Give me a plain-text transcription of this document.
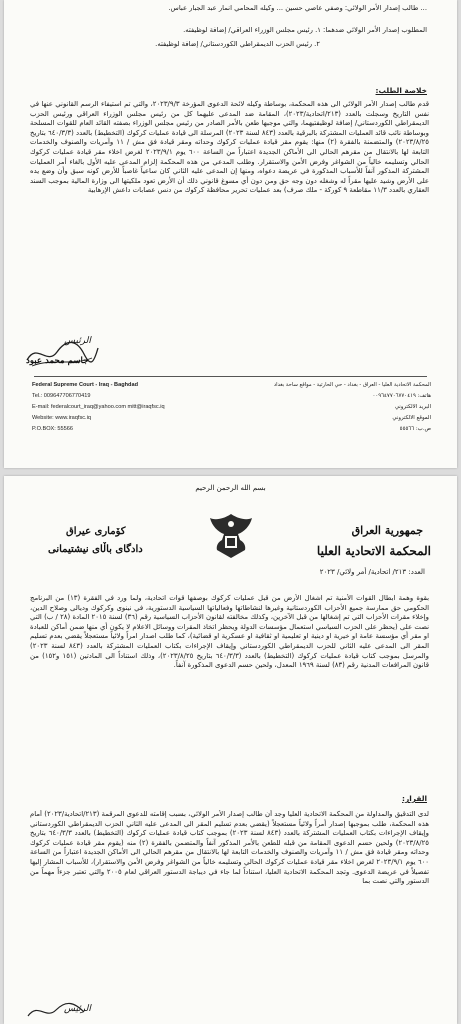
... طالب إصدار الأمر الولائي: وصفي عاصي حسين ... وكيله المحامي انمار عبد الجبار عباس.
المطلوب إصدار الأمر الولائي ضدهما: ١. رئيس مجلس الوزراء العراقي/ إضافة لوظيفته.
٢. رئيس الحزب الديمقراطي الكوردستاني/ إضافة لوظيفته.
خلاصة الطلب:
قدم طالب إصدار الأمر الولائي الى هذه المحكمة، بوساطة وكيله لائحة الدعوى المؤرخة ٢٠٢٣/٩/٣، والتي تم استيفاء الرسم القانوني عنها في نفس التاريخ وسجلت بالعدد (٢١٣/اتحادية/٢٠٢٣)، المقامة ضد المدعى عليهما كل من رئيس مجلس الوزراء العراقي ورئيس الحزب الديمقراطي الكوردستاني/ إضافة لوظيفتيهما، والتي موجبها طعن بالأمر الصادر من رئيس مجلس الوزراء بصفته القائد العام للقوات المسلحة وبوساطة نائب قائد العمليات المشتركة بالبرقية بالعدد (٨٤٣ لسنة ٢٠٢٣) المرسلة الى قيادة عمليات كركوك (التخطيط) بالعدد (٦٤٠/٣/٣ بتاريخ ٢٠٢٣/٨/٢٥) والمتضمنة بالفقرة (٢) منها: يقوم مقر قيادة عمليات كركوك وحداته ومقر قيادة فق مش / ١١ وآمريات والصنوف والخدمات التابعة لها بالانتقال من مقرهم الحالي الى الأماكن الجديدة اعتباراً من الساعة ٦٠٠ يوم ٢٠٢٣/٩/١ لغرض اخلاء مقر قيادة عمليات كركوك الحالي وتسليمه خالياً من الشواغر وفرض الأمن والاستقرار. وطلب المدعي من هذه المحكمة إلزام المدعى عليه الأول بالغاء أمر العمليات المشتركة المذكور آنفاً للأسباب المذكورة في عريضة دعواه، ومنها إن المدعى عليه الثاني كان ساعياً غاصباً للأرض كونه سبق وأن وضع يده على الأرض وشيد عليها مقراً له وشغله دون وجه حق ومن دون أي مسوغ قانوني ذلك أن الأرض تعود ملكيتها الى وزارة المالية بموجب السند العقاري بالعدد ١١/٣ مقاطعة ٩ كوركة - ملك صرف) بعد عمليات تحرير محافظة كركوك من دنس عصابات داعش الإرهابية
الرئيس
جاسم محمد عبود
Federal Supreme Court - Iraq - Baghdad
Tel.: 009647706770419
E-mail: federalcourt_iraq@yahoo.com mitt@iraqfsc.iq
Website: www.iraqfsc.iq
P.O.BOX: 55566
المحكمة الاتحادية العليا - العراق - بغداد - حي الحارثية - مواقع ساحة بغداد
هاتف: ٠٠٩٦٤٧٧٠٦٧٧٠٤١٩
البريد الالكتروني
الموقع الالكتروني
ص.ب: ٥٥٥٦٦
بسم الله الرحمن الرحيم
جمهورية العراق
المحكمة الاتحادية العليا
كۆماری عیراق
دادگای باڵای نیشتیمانی
العدد: ٢١٣/ اتحادية/ أمر ولائي/ ٢٠٢٣
بقوة وهمة ابطال القوات الأمنية تم اشغال الأرض من قبل عمليات كركوك بوصفها قوات اتحادية، ولما ورد في الفقرة (١٣) من البرنامج الحكومي حق ممارسة جميع الأحزاب الكوردستانية وغيرها لنشاطاتها وفعالياتها السياسية الدستورية، في نينوى وكركوك وديالى وصلاح الدين، وإخلاء مقرات الأحزاب التي تم إشغالها من قبل الآخرين، وكذلك مخالفته لقانون الأحزاب السياسية رقم (٣٦) لسنة ٢٠١٥ المادة (٢٨ / ب) التي نصت على (يحظر على الحزب السياسي استعمال مؤسسات الدولة ويحظر اتخاذ المقرات ووسائل الاعلام لا يكون أي منها ضمن أماكن للعبادة او مقر أي مؤسسة عامة او خيرية او دينية او تعليمية او ثقافية او عسكرية او قضائية)، كما طلب اصدار امراً ولائياً مستعجلاً يقضي بعدم تسليم المقر الى المدعى عليه الثاني للحزب الديمقراطي الكوردستاني وإيقاف الإجراءات بكتاب العمليات المشتركة بالعدد (٨٤٣ لسنة ٢٠٢٣) والمرسل بموجب كتاب قيادة عمليات كركوك (التخطيط) بالعدد (٦٤٠/٣/٣ بتاريخ ٢٠٢٣/٨/٢٥)، وذلك استناداً الى المادتين (١٥١ و١٥٢) من قانون المرافعات المدنية رقم (٨٣) لسنة ١٩٦٩ المعدل، ولحين حسم الدعوى المذكورة آنفاً.
القرار:
لدى التدقيق والمداولة من المحكمة الاتحادية العليا وجد أن طالب إصدار الأمر الولائي، بسبب إقامته للدعوى المرقمة (٢١٣/اتحادية/٢٠٢٣) أمام هذه المحكمة، طلب بموجبها إصدار أمراً ولائياً مستعجلاً (يقضي بعدم تسليم المقر الى المدعى عليه الثاني الحزب الديمقراطي الكوردستاني وإيقاف الإجراءات بكتاب العمليات المشتركة بالعدد (٨٤٣ لسنة ٢٠٢٣) بموجب كتاب قيادة عمليات كركوك (التخطيط) بالعدد ٦٤٠/٣/٣ بتاريخ ٢٠٢٣/٨/٢٥) ولحين حسم الدعوى المقامة من قبله للطعن بالأمر المذكور آنفاً والمتضمن بالفقرة (٢) منه (يقوم مقر قيادة عمليات كركوك وحداته ومقر قيادة فق مش / ١١ وآمريات والصنوف والخدمات التابعة لها بالانتقال من مقرهم الحالي الى الأماكن الجديدة اعتباراً من الساعة ٦٠٠ يوم ٢٠٢٣/٩/١ لغرض اخلاء مقر قيادة عمليات كركوك الحالي وتسليمه خالياً من الشواغر وفرض الأمن والاستقرار)، للأسباب المشار إليها تفصيلاً في عريضة الدعوى. وتجد المحكمة الاتحادية العليا، استناداً لما جاء في ديباجة الدستور العراقي لعام ٢٠٠٥ والتي تعتبر جزءاً مهماً من الدستور والتي نصت بما
الرئيس
